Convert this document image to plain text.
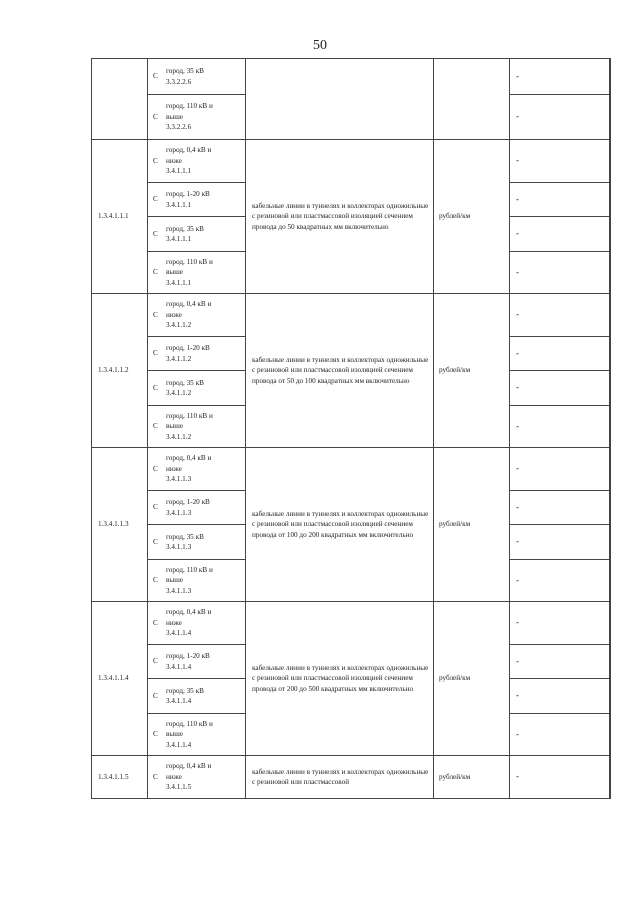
50
	C	город, 35 кВ
3.3.2.2.6			-	
	C	город, 110 кВ и
выше
3.3.2.2.6			-	
1.3.4.1.1.1	C	город, 0,4 кВ и
ниже
3.4.1.1.1	кабельные линии в туннелях и коллекторах одножильные с резиновой или пластмассовой изоляцией сечением провода до 50 квадратных мм включительно	рублей/км	-	
	C	город, 1-20 кВ
3.4.1.1.1			-	
	C	город, 35 кВ
3.4.1.1.1			-	
	C	город, 110 кВ и
выше
3.4.1.1.1			-	
1.3.4.1.1.2	C	город, 0,4 кВ и
ниже
3.4.1.1.2	кабельные линии в туннелях и коллекторах одножильные с резиновой или пластмассовой изоляцией сечением провода от 50 до 100 квадратных мм включительно	рублей/км	-	
	C	город, 1-20 кВ
3.4.1.1.2			-	
	C	город, 35 кВ
3.4.1.1.2			-	
	C	город, 110 кВ и
выше
3.4.1.1.2			-	
1.3.4.1.1.3	C	город, 0,4 кВ и
ниже
3.4.1.1.3	кабельные линии в туннелях и коллекторах одножильные с резиновой или пластмассовой изоляцией сечением провода от 100 до 200 квадратных мм включительно	рублей/км	-	
	C	город, 1-20 кВ
3.4.1.1.3			-	
	C	город, 35 кВ
3.4.1.1.3			-	
	C	город, 110 кВ и
выше
3.4.1.1.3			-	
1.3.4.1.1.4	C	город, 0,4 кВ и
ниже
3.4.1.1.4	кабельные линии в туннелях и коллекторах одножильные с резиновой или пластмассовой изоляцией сечением провода от 200 до 500 квадратных мм включительно	рублей/км	-	
	C	город, 1-20 кВ
3.4.1.1.4			-	
	C	город, 35 кВ
3.4.1.1.4			-	
	C	город, 110 кВ и
выше
3.4.1.1.4			-	
1.3.4.1.1.5	C	город, 0,4 кВ и
ниже
3.4.1.1.5	кабельные линии в туннелях и коллекторах одножильные с резиновой или пластмассовой	рублей/км	-	
